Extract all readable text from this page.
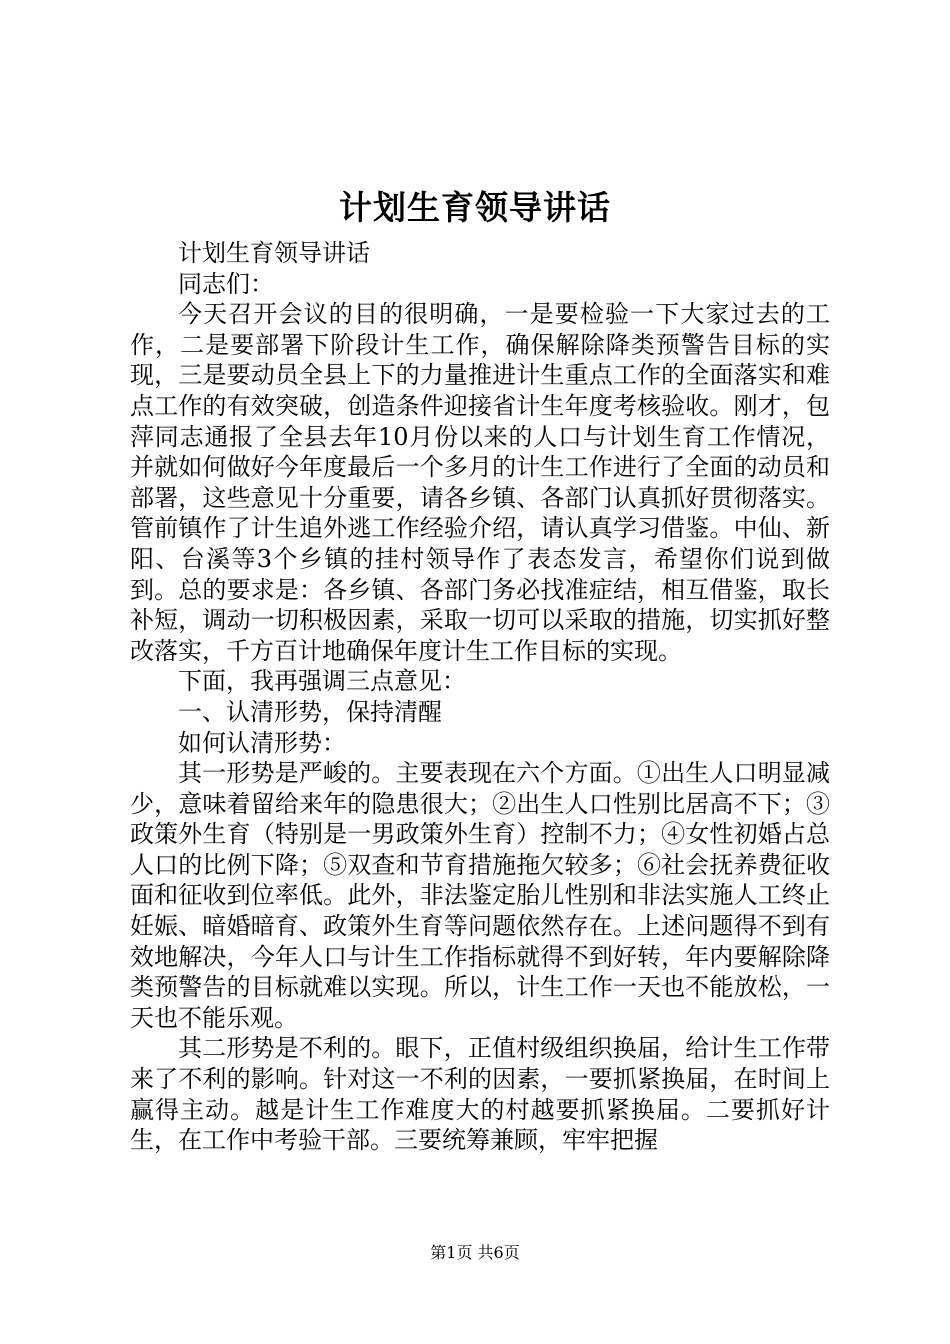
计划生育领导讲话

计划生育领导讲话

同志们：

今天召开会议的目的很明确，一是要检验一下大家过去的工作，二是要部署下阶段计生工作，确保解除降类预警告目标的实现，三是要动员全县上下的力量推进计生重点工作的全面落实和难点工作的有效突破，创造条件迎接省计生年度考核验收。刚才，包萍同志通报了全县去年10月份以来的人口与计划生育工作情况，并就如何做好今年度最后一个多月的计生工作进行了全面的动员和部署，这些意见十分重要，请各乡镇、各部门认真抓好贯彻落实。管前镇作了计生追外逃工作经验介绍，请认真学习借鉴。中仙、新阳、台溪等3个乡镇的挂村领导作了表态发言，希望你们说到做到。总的要求是：各乡镇、各部门务必找准症结，相互借鉴，取长补短，调动一切积极因素，采取一切可以采取的措施，切实抓好整改落实，千方百计地确保年度计生工作目标的实现。

下面，我再强调三点意见：

一、认清形势，保持清醒

如何认清形势：

其一形势是严峻的。主要表现在六个方面。①出生人口明显减少，意味着留给来年的隐患很大；②出生人口性别比居高不下；③政策外生育（特别是一男政策外生育）控制不力；④女性初婚占总人口的比例下降；⑤双查和节育措施拖欠较多；⑥社会抚养费征收面和征收到位率低。此外，非法鉴定胎儿性别和非法实施人工终止妊娠、暗婚暗育、政策外生育等问题依然存在。上述问题得不到有效地解决，今年人口与计生工作指标就得不到好转，年内要解除降类预警告的目标就难以实现。所以，计生工作一天也不能放松，一天也不能乐观。

其二形势是不利的。眼下，正值村级组织换届，给计生工作带来了不利的影响。针对这一不利的因素，一要抓紧换届，在时间上赢得主动。越是计生工作难度大的村越要抓紧换届。二要抓好计生，在工作中考验干部。三要统筹兼顾，牢牢把握

第1页 共6页
